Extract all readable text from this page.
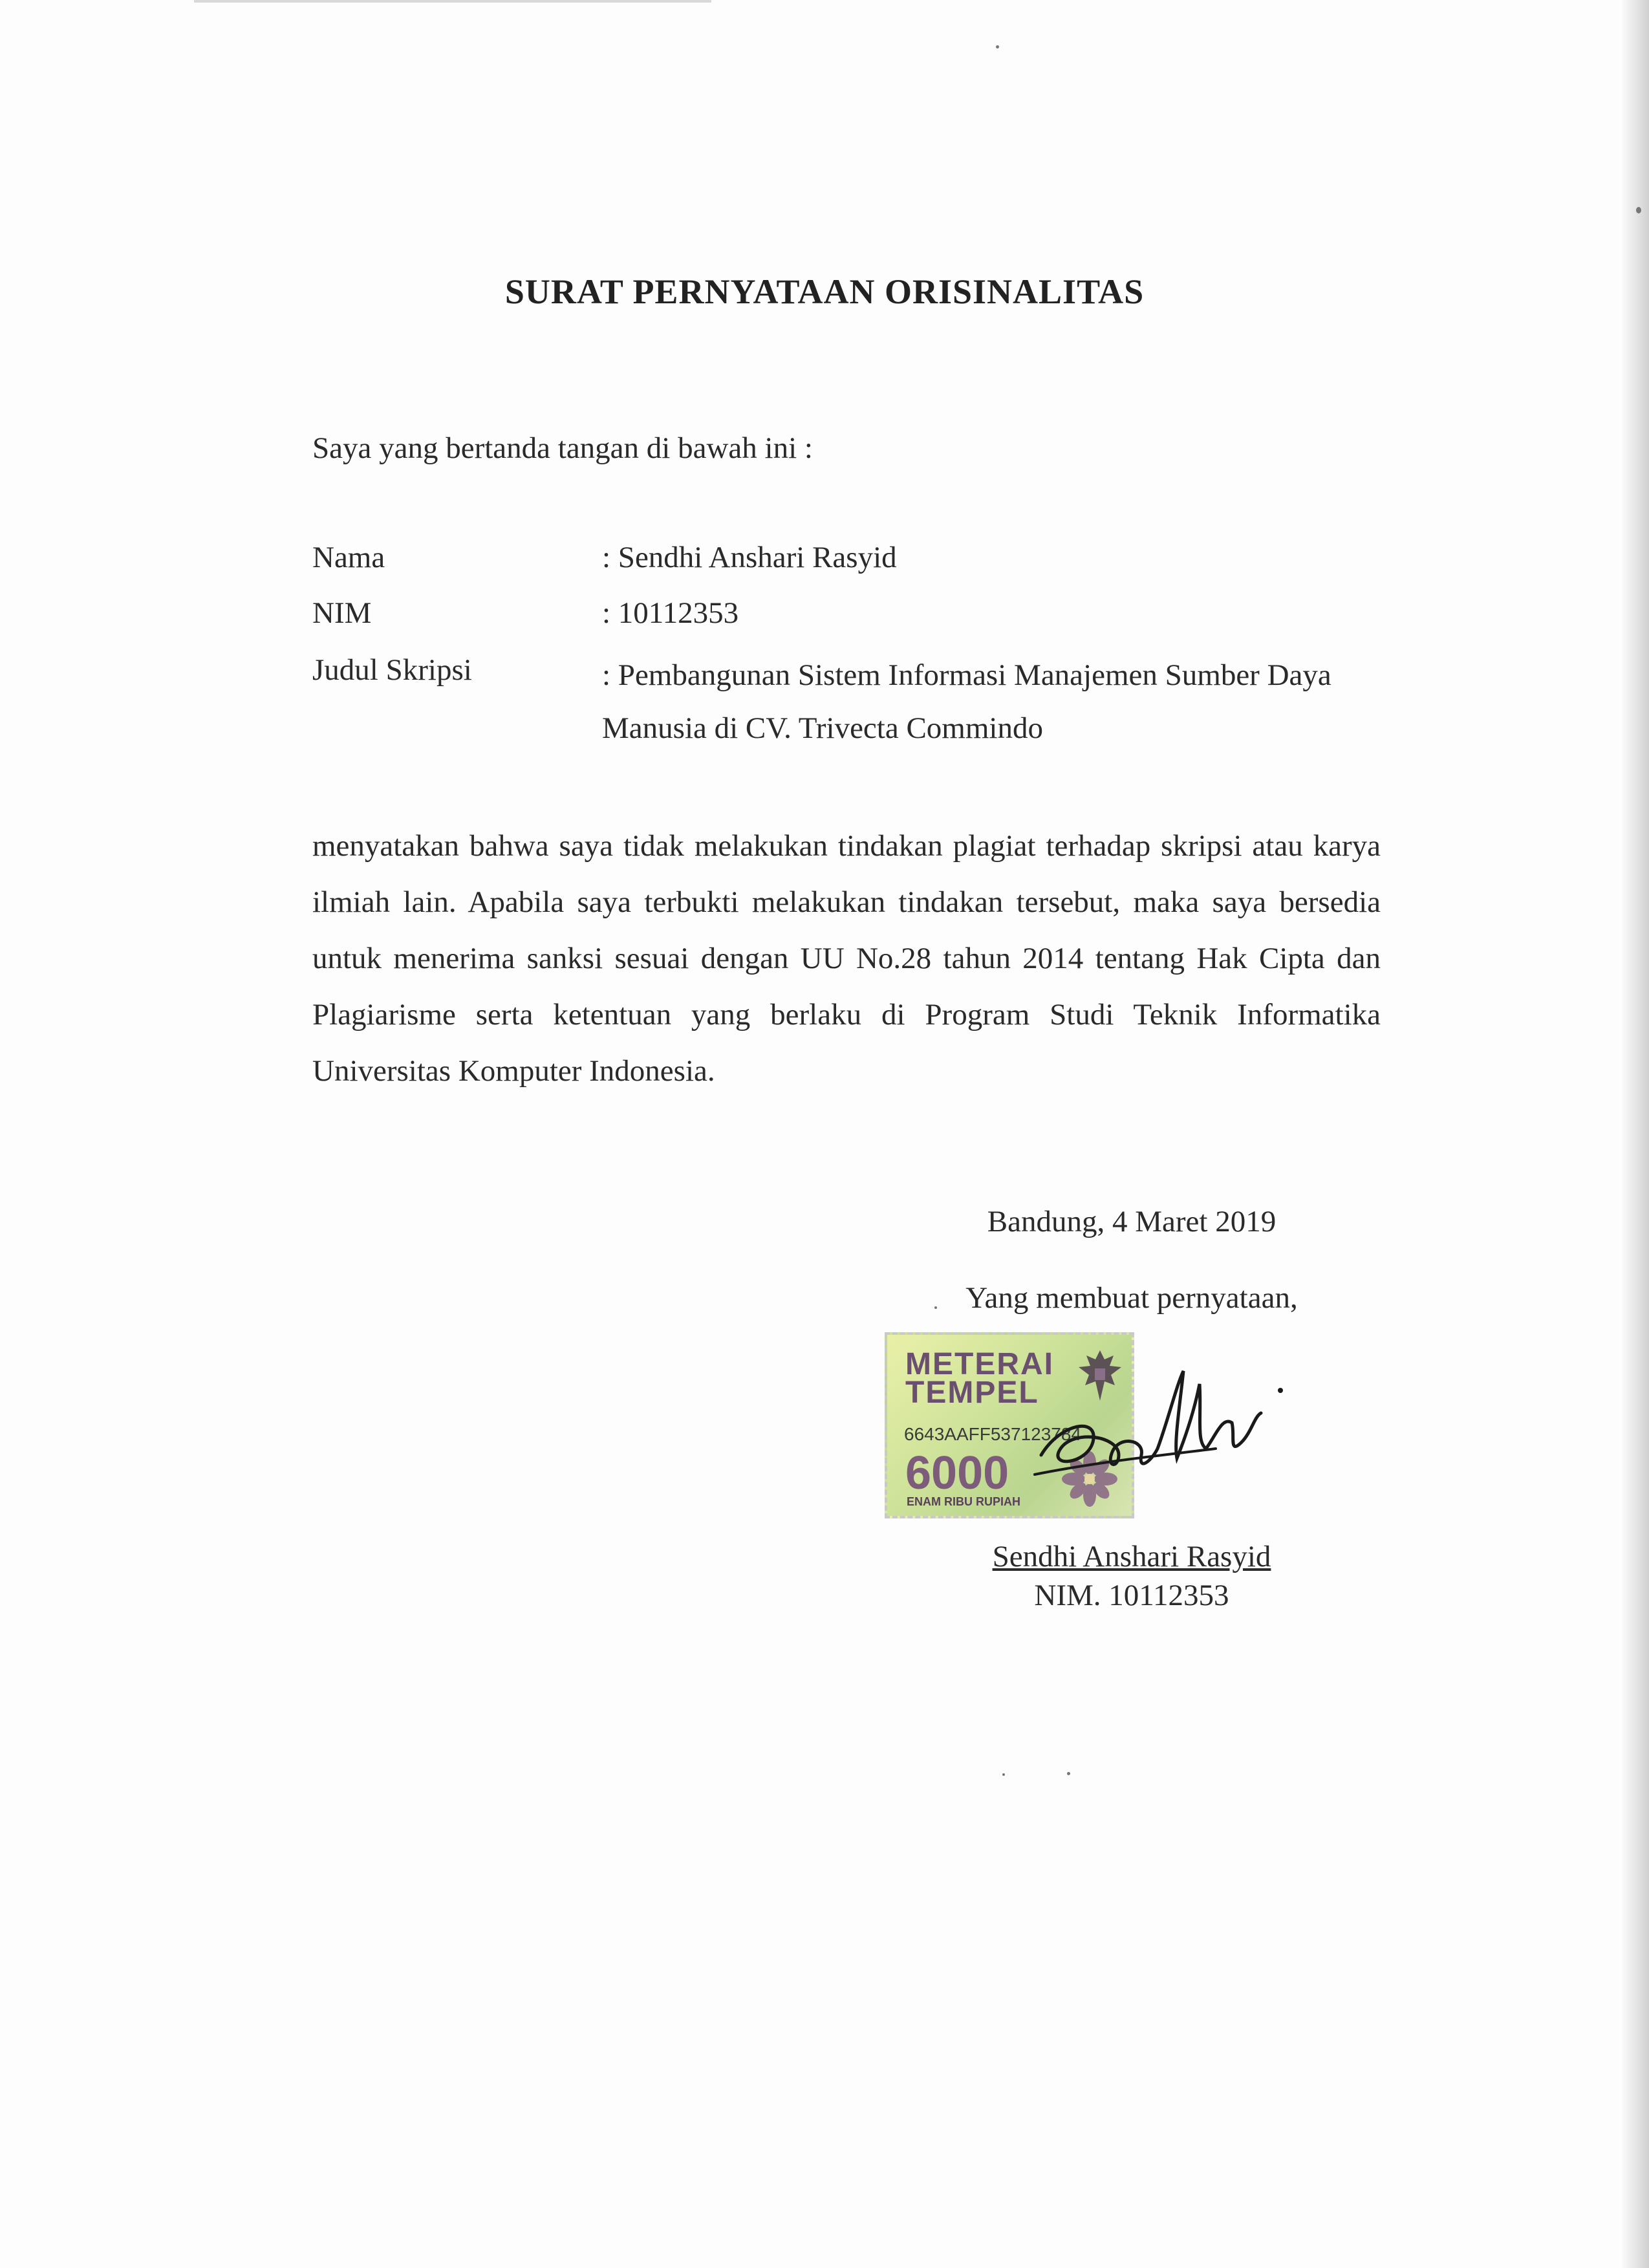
SURAT PERNYATAAN ORISINALITAS
Saya yang bertanda tangan di bawah ini :
Nama	: Sendhi Anshari Rasyid
NIM	: 10112353
Judul Skripsi	: Pembangunan Sistem Informasi Manajemen Sumber Daya
Manusia di CV. Trivecta Commindo
menyatakan bahwa saya tidak melakukan tindakan plagiat terhadap skripsi atau karya ilmiah lain. Apabila saya terbukti melakukan tindakan tersebut, maka saya bersedia untuk menerima sanksi sesuai dengan UU No.28 tahun 2014 tentang Hak Cipta dan Plagiarisme serta ketentuan yang berlaku di Program Studi Teknik Informatika Universitas Komputer Indonesia.
Bandung, 4 Maret 2019
Yang membuat pernyataan,
METERAI
TEMPEL
6643AAFF537123784
6000
ENAM RIBU RUPIAH
Sendhi Anshari Rasyid
NIM. 10112353
